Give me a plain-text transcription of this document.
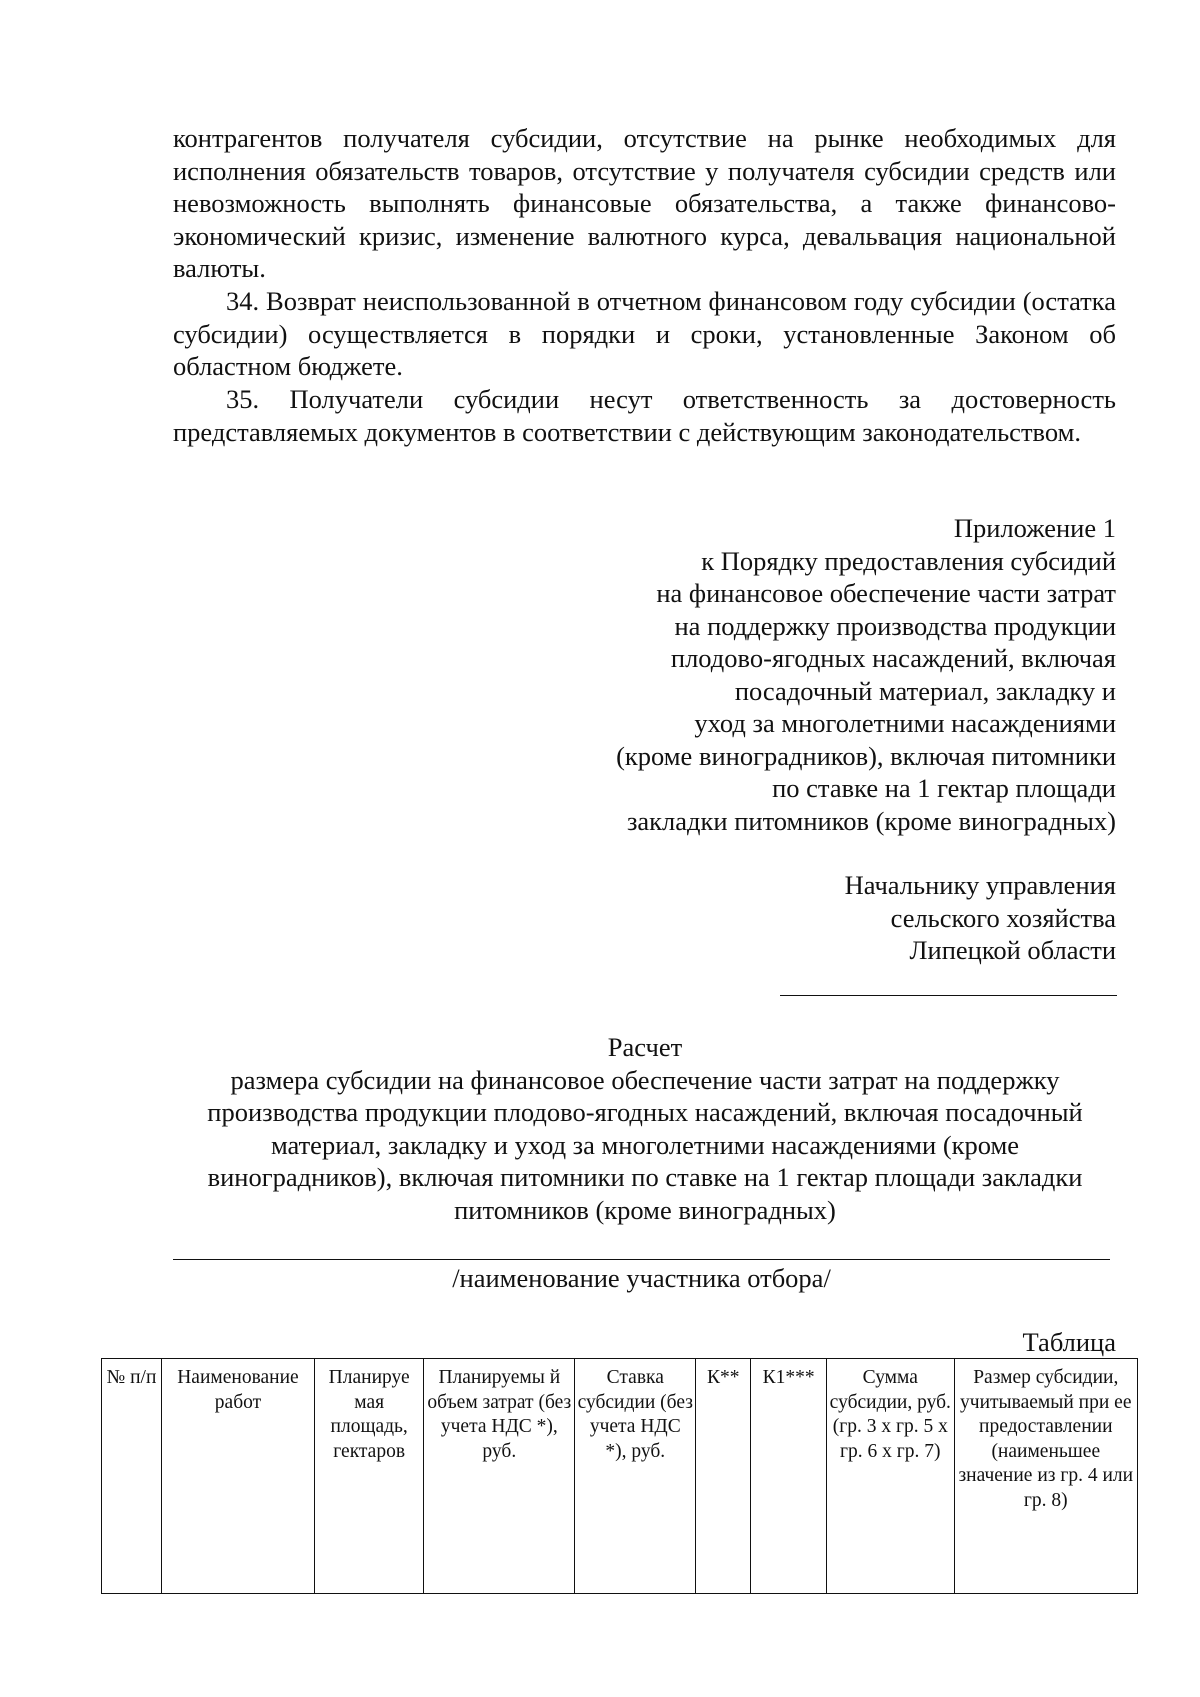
контрагентов получателя субсидии, отсутствие на рынке необходимых для исполнения обязательств товаров, отсутствие у получателя субсидии средств или невозможность выполнять финансовые обязательства, а также финансово-экономический кризис, изменение валютного курса, девальвация национальной валюты.

34. Возврат неиспользованной в отчетном финансовом году субсидии (остатка субсидии) осуществляется в порядки и сроки, установленные Законом об областном бюджете.

35. Получатели субсидии несут ответственность за достоверность представляемых документов в соответствии с действующим законодательством.

Приложение 1
к Порядку предоставления субсидий
на финансовое обеспечение части затрат
на поддержку производства продукции
плодово-ягодных насаждений, включая
посадочный материал, закладку и
уход за многолетними насаждениями
(кроме виноградников), включая питомники
по ставке на 1 гектар площади
закладки питомников (кроме виноградных)
Начальнику управления
сельского хозяйства
Липецкой области
Расчет
размера субсидии на финансовое обеспечение части затрат на поддержку
производства продукции плодово-ягодных насаждений, включая посадочный
материал, закладку и уход за многолетними насаждениями (кроме
виноградников), включая питомники по ставке на 1 гектар площади закладки
питомников (кроме виноградных)
/наименование участника отбора/
Таблица
№ п/п	Наименование работ	Планируе мая площадь, гектаров	Планируемы й объем затрат (без учета НДС *), руб.	Ставка субсидии (без учета НДС *), руб.	К**	К1***	Сумма субсидии, руб. (гр. 3 х гр. 5 х гр. 6 х гр. 7)	Размер субсидии, учитываемый при ее предоставлении (наименьшее значение из гр. 4 или гр. 8)
